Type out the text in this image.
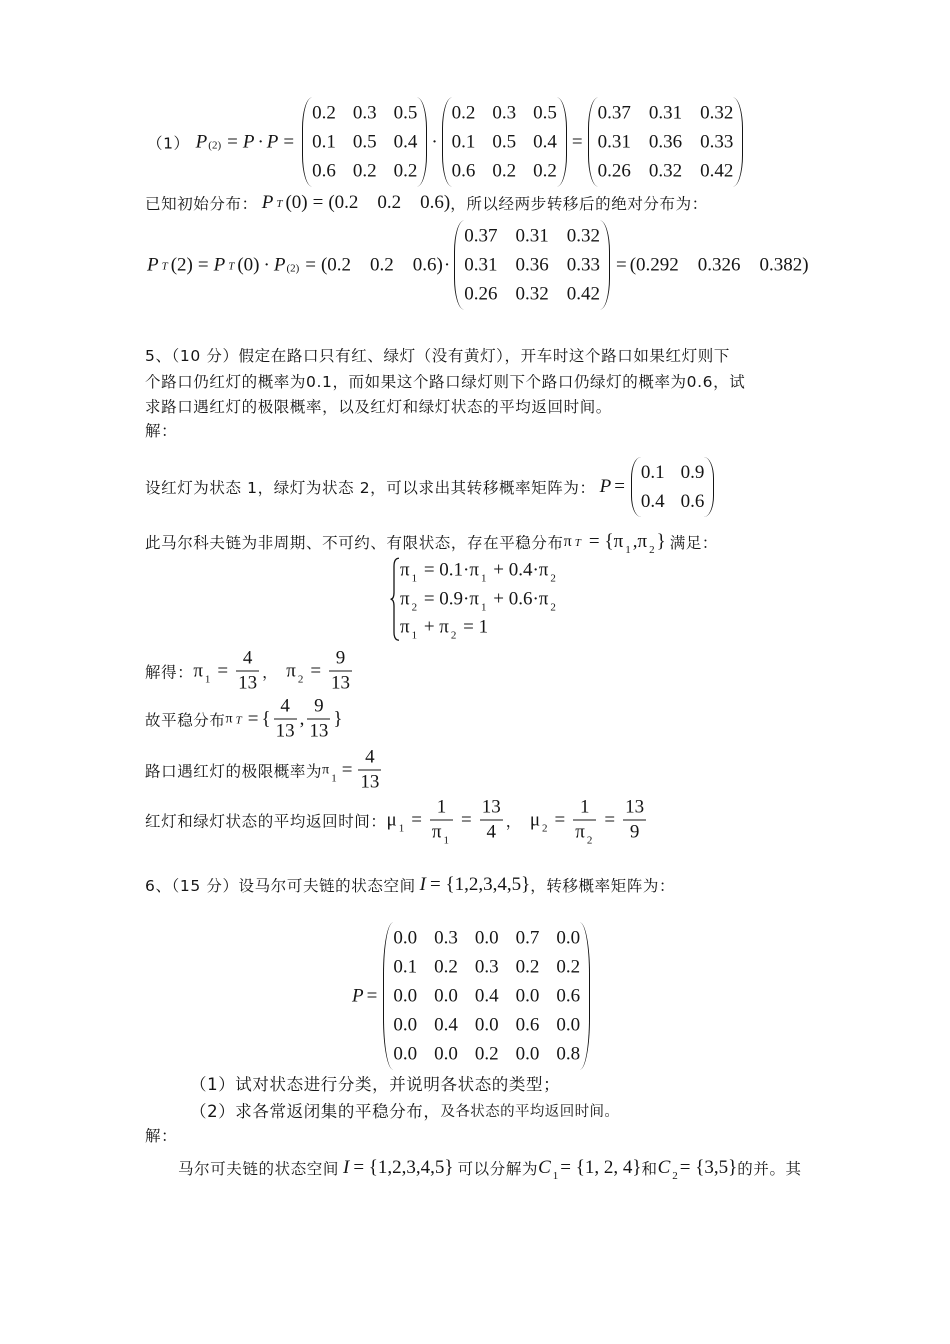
（1） P (2) = P · P =
0.2 0.3 0.5
0.1 0.5 0.4
0.6 0.2 0.2
·
0.2 0.3 0.5
0.1 0.5 0.4
0.6 0.2 0.2
=
0.37 0.31 0.32
0.31 0.36 0.33
0.26 0.32 0.42
已知初始分布： P T (0) = (0.2    0.2    0.6) ，所以经两步转移后的绝对分布为：
P T (2) = P T (0) · P (2) = (0.2    0.2    0.6) ·
0.37 0.31 0.32
0.31 0.36 0.33
0.26 0.32 0.42
= (0.292    0.326    0.382)
5、（10 分）假定在路口只有红、绿灯（没有黄灯），开车时这个路口如果红灯则下
个路口仍红灯的概率为0.1，而如果这个路口绿灯则下个路口仍绿灯的概率为0.6，试
求路口遇红灯的极限概率，以及红灯和绿灯状态的平均返回时间。
解：
设红灯为状态 1，绿灯为状态 2，可以求出其转移概率矩阵为： P =
0.1 0.9
0.4 0.6
此马尔科夫链为非周期、不可约、有限状态，存在平稳分布 π T = {π 1 ,π 2 } 满足：
π 1 = 0.1·π 1 + 0.4·π 2
π 2 = 0.9·π 1 + 0.6·π 2
π 1 + π 2 = 1
解得： π $1 = \frac{4}{13}$ ， π $2 = \frac{9}{13}$
故平稳分布 π T = { $\frac{4}{13}$ , $\frac{9}{13}$ }
路口遇红灯的极限概率为 π
$1 = \frac{4}{13}$
红灯和绿灯状态的平均返回时间： μ $1 = \frac{1}{\pi 1} = \frac{13}{4}$ ， μ $2 = \frac{1}{\pi 2} = \frac{13}{9}$
6、（15 分）设马尔可夫链的状态空间 I = {1,2,3,4,5} ，转移概率矩阵为：
P =
0.0 0.3 0.0 0.7 0.0
0.1 0.2 0.3 0.2 0.2
0.0 0.0 0.4 0.0 0.6
0.0 0.4 0.0 0.6 0.0
0.0 0.0 0.2 0.0 0.8
（1）试对状态进行分类，并说明各状态的类型；
（2）求各常返闭集的平稳分布， 及各状态的平均返回时间。
解：
马尔可夫链的状态空间 I = {1,2,3,4,5} 可以分解为 C 1 = {1, 2, 4} 和 C 2 = {3,5} 的并。其
